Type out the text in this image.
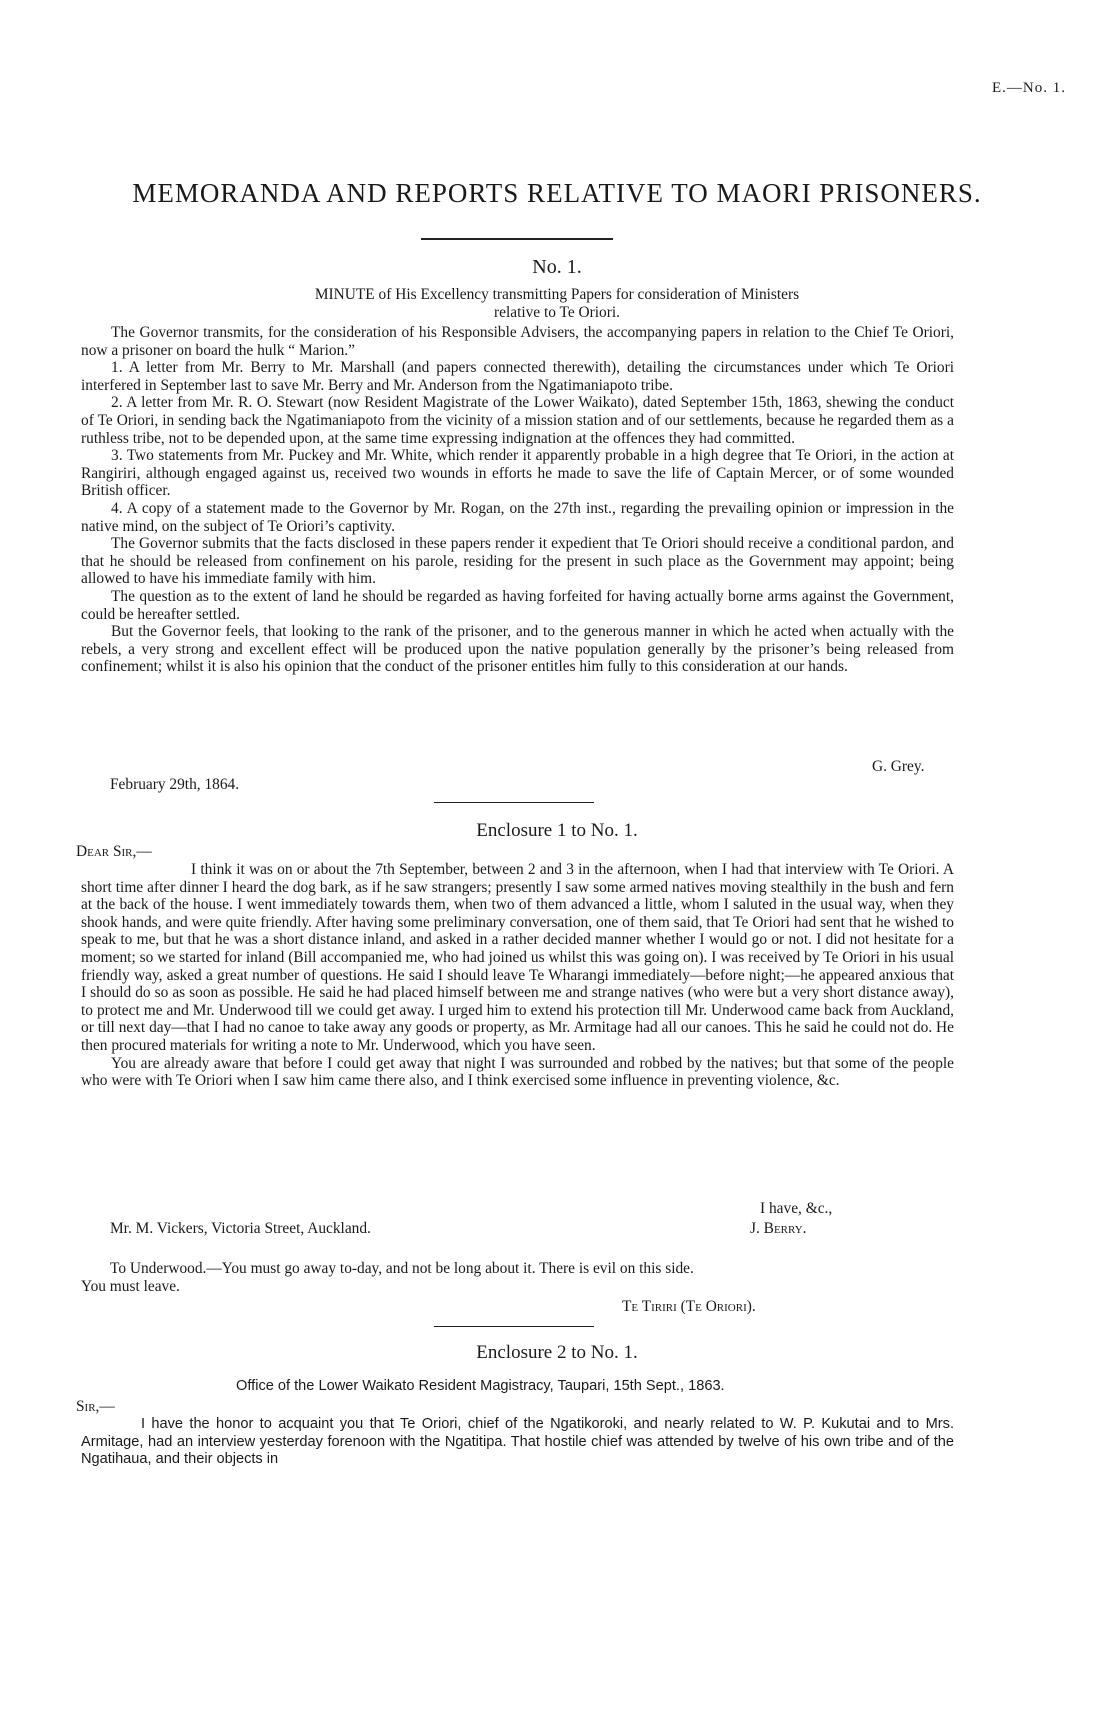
E.—No. 1.
MEMORANDA AND REPORTS RELATIVE TO MAORI PRISONERS.
No. 1.
MINUTE of His Excellency transmitting Papers for consideration of Ministers
relative to Te Oriori.

The Governor transmits, for the consideration of his Responsible Advisers, the accompanying papers in relation to the Chief Te Oriori, now a prisoner on board the hulk “ Marion.”

1. A letter from Mr. Berry to Mr. Marshall (and papers connected therewith), detailing the circumstances under which Te Oriori interfered in September last to save Mr. Berry and Mr. Anderson from the Ngatimaniapoto tribe.

2. A letter from Mr. R. O. Stewart (now Resident Magistrate of the Lower Waikato), dated September 15th, 1863, shewing the conduct of Te Oriori, in sending back the Ngatimaniapoto from the vicinity of a mission station and of our settlements, because he regarded them as a ruthless tribe, not to be depended upon, at the same time expressing indignation at the offences they had committed.

3. Two statements from Mr. Puckey and Mr. White, which render it apparently probable in a high degree that Te Oriori, in the action at Rangiriri, although engaged against us, received two wounds in efforts he made to save the life of Captain Mercer, or of some wounded British officer.

4. A copy of a statement made to the Governor by Mr. Rogan, on the 27th inst., regarding the prevailing opinion or impression in the native mind, on the subject of Te Oriori’s captivity.

The Governor submits that the facts disclosed in these papers render it expedient that Te Oriori should receive a conditional pardon, and that he should be released from confinement on his parole, residing for the present in such place as the Government may appoint; being allowed to have his immediate family with him.

The question as to the extent of land he should be regarded as having forfeited for having actually borne arms against the Government, could be hereafter settled.

But the Governor feels, that looking to the rank of the prisoner, and to the generous manner in which he acted when actually with the rebels, a very strong and excellent effect will be produced upon the native population generally by the prisoner’s being released from confinement; whilst it is also his opinion that the conduct of the prisoner entitles him fully to this consideration at our hands.

G. Grey.
February 29th, 1864.
Enclosure 1 to No. 1.
Dear Sir,—

I think it was on or about the 7th September, between 2 and 3 in the afternoon, when I had that interview with Te Oriori. A short time after dinner I heard the dog bark, as if he saw strangers; presently I saw some armed natives moving stealthily in the bush and fern at the back of the house. I went immediately towards them, when two of them advanced a little, whom I saluted in the usual way, when they shook hands, and were quite friendly. After having some preliminary conversation, one of them said, that Te Oriori had sent that he wished to speak to me, but that he was a short distance inland, and asked in a rather decided manner whether I would go or not. I did not hesitate for a moment; so we started for inland (Bill accompanied me, who had joined us whilst this was going on). I was received by Te Oriori in his usual friendly way, asked a great number of questions. He said I should leave Te Wharangi immediately—before night;—he appeared anxious that I should do so as soon as possible. He said he had placed himself between me and strange natives (who were but a very short distance away), to protect me and Mr. Underwood till we could get away. I urged him to extend his protection till Mr. Underwood came back from Auckland, or till next day—that I had no canoe to take away any goods or property, as Mr. Armitage had all our canoes. This he said he could not do. He then procured materials for writing a note to Mr. Underwood, which you have seen.

You are already aware that before I could get away that night I was surrounded and robbed by the natives; but that some of the people who were with Te Oriori when I saw him came there also, and I think exercised some influence in preventing violence, &c.

I have, &c.,
Mr. M. Vickers, Victoria Street, Auckland.	J. Berry.
To Underwood.—You must go away to-day, and not be long about it. There is evil on this side.
You must leave.
Te Tiriri (Te Oriori).
Enclosure 2 to No. 1.
Office of the Lower Waikato Resident Magistracy, Taupari, 15th Sept., 1863.
Sir,—

I have the honor to acquaint you that Te Oriori, chief of the Ngatikoroki, and nearly related to W. P. Kukutai and to Mrs. Armitage, had an interview yesterday forenoon with the Ngatitipa. That hostile chief was attended by twelve of his own tribe and of the Ngatihaua, and their objects in
